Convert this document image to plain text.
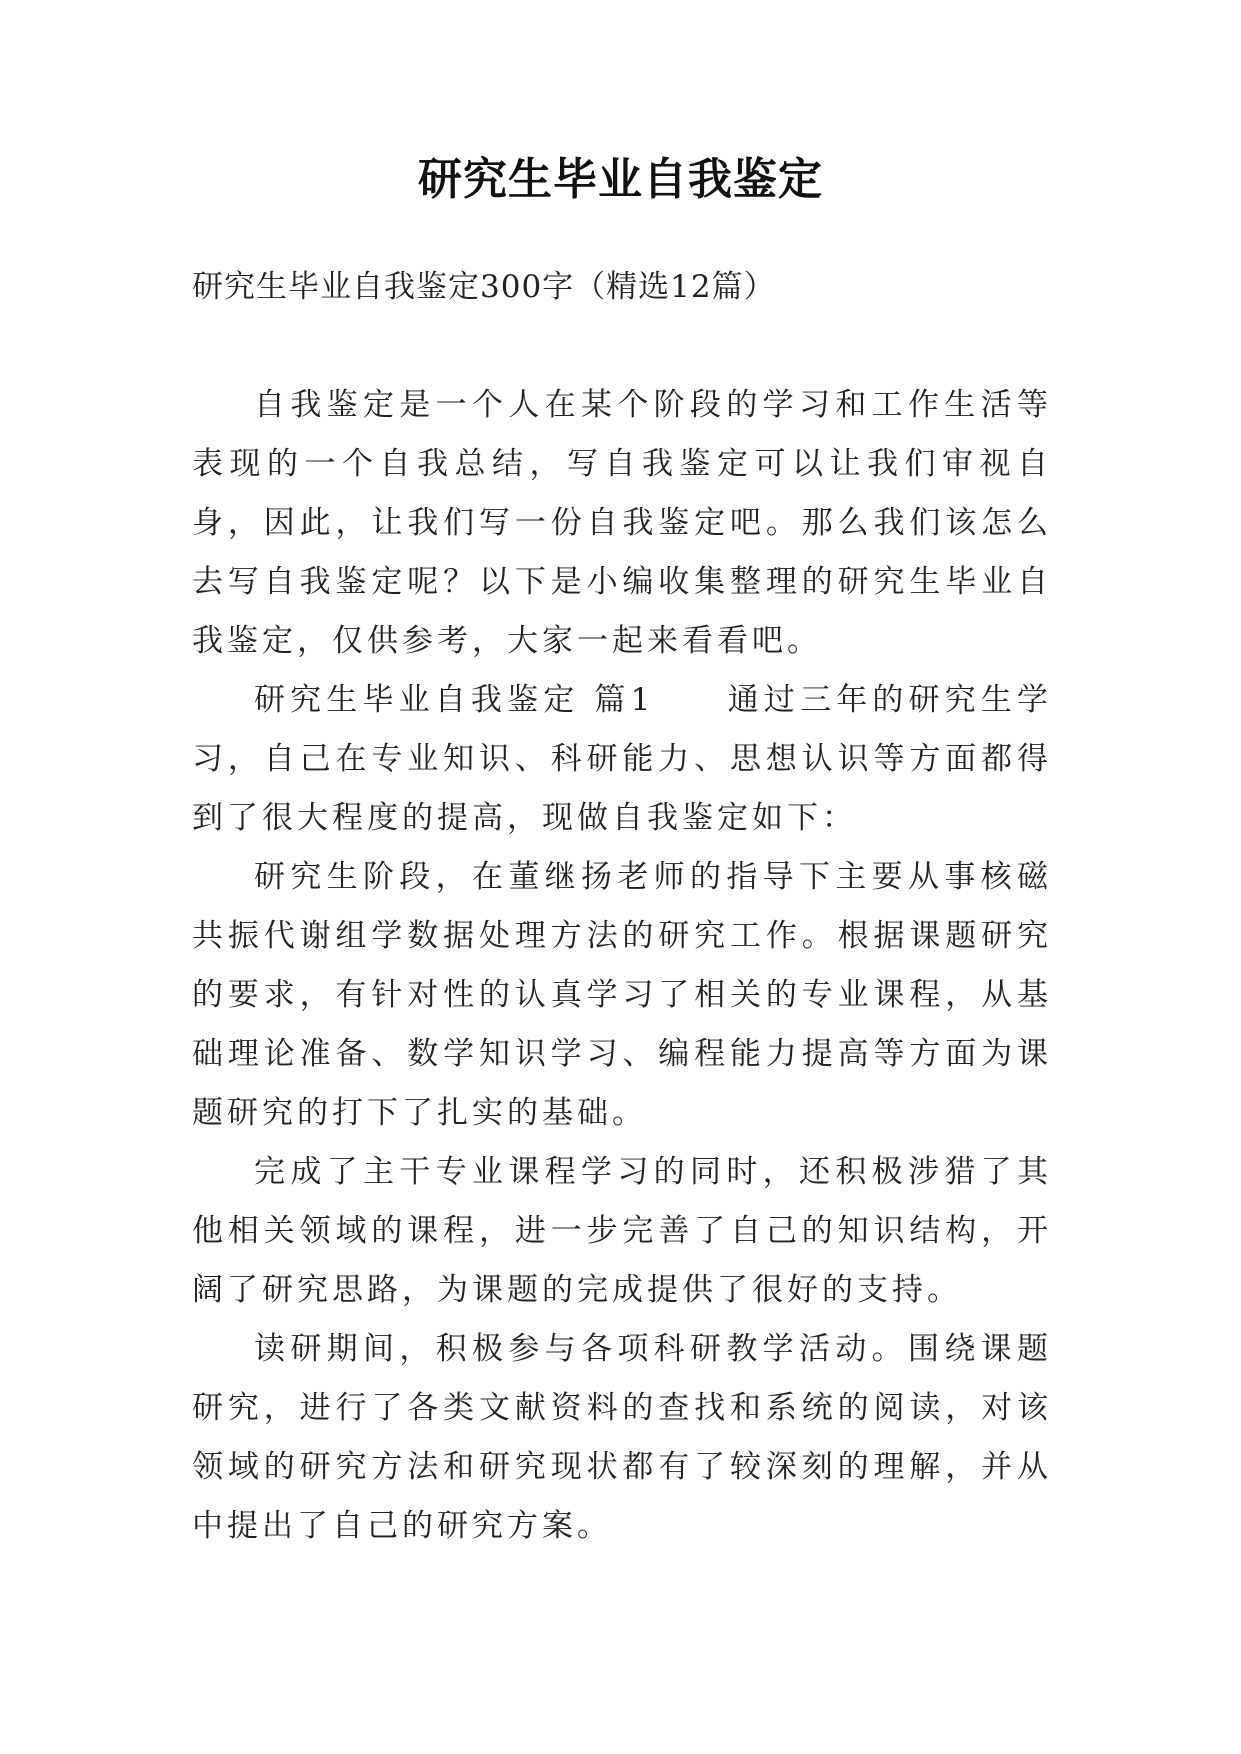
研究生毕业自我鉴定

研究生毕业自我鉴定300字（精选12篇）

自我鉴定是一个人在某个阶段的学习和工作生活等表现的一个自我总结，写自我鉴定可以让我们审视自身，因此，让我们写一份自我鉴定吧。那么我们该怎么去写自我鉴定呢？以下是小编收集整理的研究生毕业自我鉴定，仅供参考，大家一起来看看吧。

研究生毕业自我鉴定 篇1　　通过三年的研究生学习，自己在专业知识、科研能力、思想认识等方面都得到了很大程度的提高，现做自我鉴定如下：

研究生阶段，在董继扬老师的指导下主要从事核磁共振代谢组学数据处理方法的研究工作。根据课题研究的要求，有针对性的认真学习了相关的专业课程，从基础理论准备、数学知识学习、编程能力提高等方面为课题研究的打下了扎实的基础。

完成了主干专业课程学习的同时，还积极涉猎了其他相关领域的课程，进一步完善了自己的知识结构，开阔了研究思路，为课题的完成提供了很好的支持。

读研期间，积极参与各项科研教学活动。围绕课题研究，进行了各类文献资料的查找和系统的阅读，对该领域的研究方法和研究现状都有了较深刻的理解，并从中提出了自己的研究方案。
